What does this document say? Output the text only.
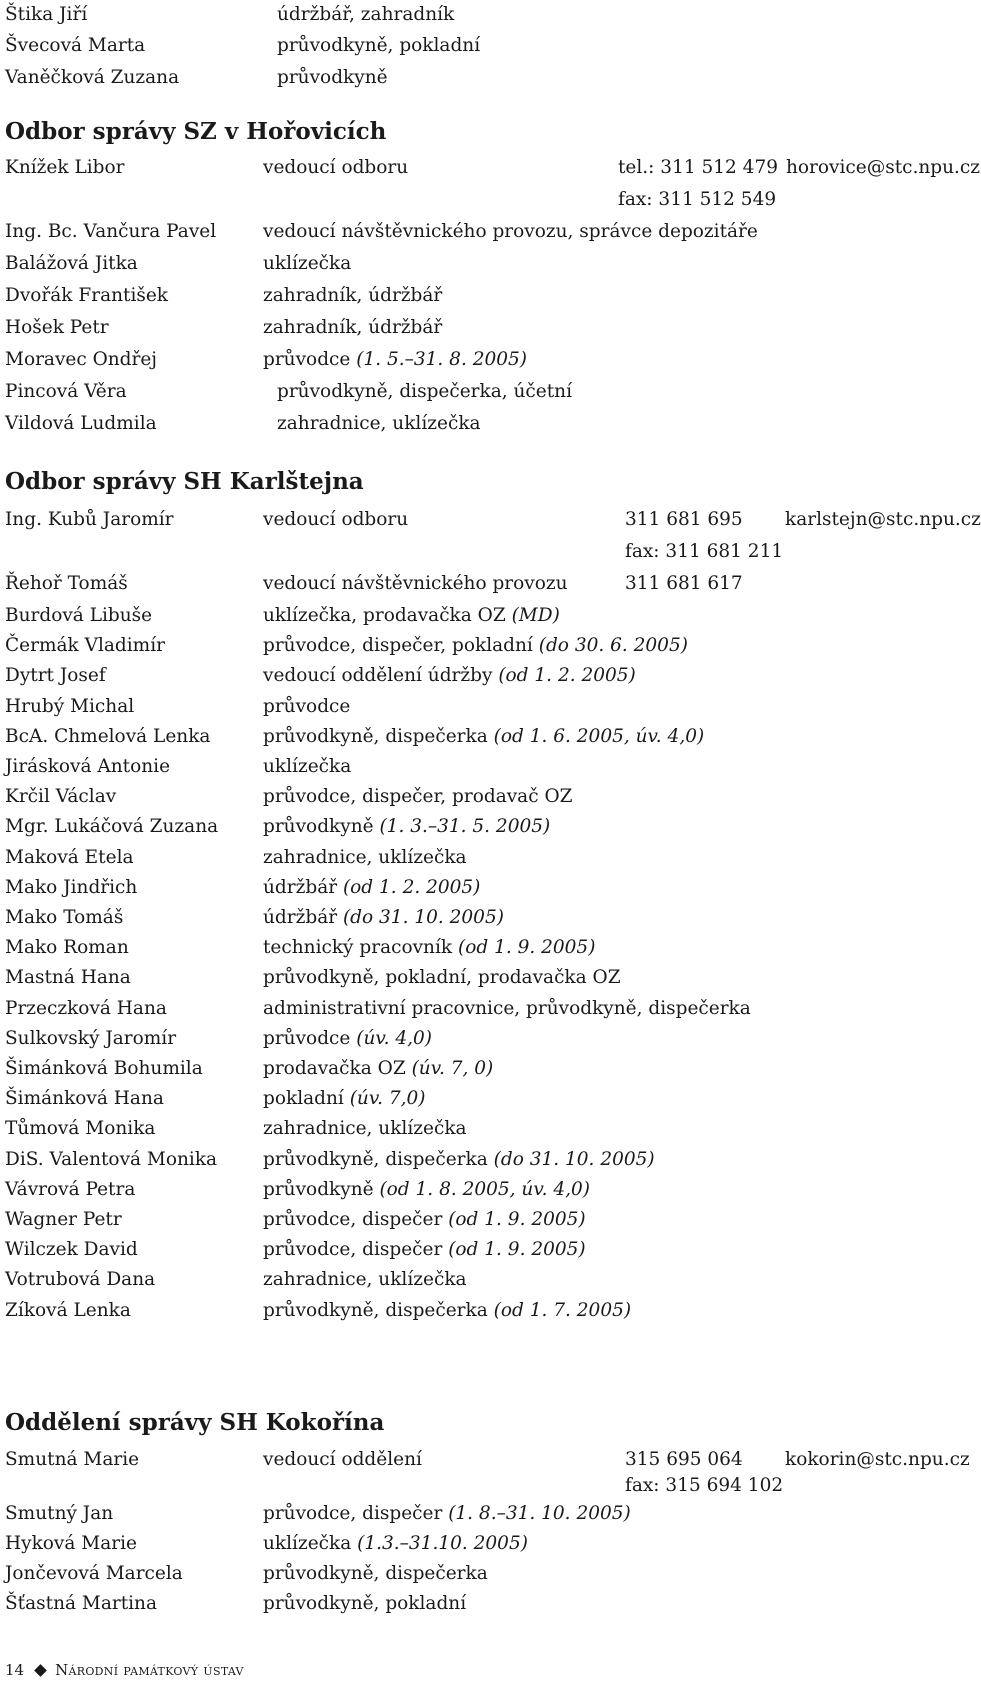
Štika Jiří	údržbář, zahradník
Švecová Marta	průvodkyně, pokladní
Vaněčková Zuzana	průvodkyně
Odbor správy SZ v Hořovicích
Knížek Libor	vedoucí odboru	tel.: 311 512 479 horovice@stc.npu.cz
fax: 311 512 549
Ing. Bc. Vančura Pavel	vedoucí návštěvnického provozu, správce depozitáře
Balážová Jitka	uklízečka
Dvořák František	zahradník, údržbář
Hošek Petr	zahradník, údržbář
Moravec Ondřej	průvodce (1. 5.–31. 8. 2005)
Pincová Věra	průvodkyně, dispečerka, účetní
Vildová Ludmila	zahradnice, uklízečka
Odbor správy SH Karlštejna
Ing. Kubů Jaromír	vedoucí odboru	311 681 695 karlstejn@stc.npu.cz
fax: 311 681 211
Řehoř Tomáš	vedoucí návštěvnického provozu	311 681 617
Burdová Libuše	uklízečka, prodavačka OZ (MD)
Čermák Vladimír	průvodce, dispečer, pokladní (do 30. 6. 2005)
Dytrt Josef	vedoucí oddělení údržby (od 1. 2. 2005)
Hrubý Michal	průvodce
BcA. Chmelová Lenka	průvodkyně, dispečerka (od 1. 6. 2005, úv. 4,0)
Jirásková Antonie	uklízečka
Krčil Václav	průvodce, dispečer, prodavač OZ
Mgr. Lukáčová Zuzana průvodkyně (1. 3.–31. 5. 2005)
Maková Etela	zahradnice, uklízečka
Mako Jindřich	údržbář (od 1. 2. 2005)
Mako Tomáš	údržbář (do 31. 10. 2005)
Mako Roman	technický pracovník (od 1. 9. 2005)
Mastná Hana	průvodkyně, pokladní, prodavačka OZ
Przeczková Hana	administrativní pracovnice, průvodkyně, dispečerka
Sulkovský Jaromír	průvodce (úv. 4,0)
Šimánková Bohumila	prodavačka OZ (úv. 7, 0)
Šimánková Hana	pokladní (úv. 7,0)
Tůmová Monika	zahradnice, uklízečka
DiS. Valentová Monika průvodkyně, dispečerka (do 31. 10. 2005)
Vávrová Petra	průvodkyně (od 1. 8. 2005, úv. 4,0)
Wagner Petr	průvodce, dispečer (od 1. 9. 2005)
Wilczek David	průvodce, dispečer (od 1. 9. 2005)
Votrubová Dana	zahradnice, uklízečka
Zíková Lenka	průvodkyně, dispečerka (od 1. 7. 2005)
Oddělení správy SH Kokořína
Smutná Marie	vedoucí oddělení	315 695 064 kokorin@stc.npu.cz
fax: 315 694 102
Smutný Jan	průvodce, dispečer (1. 8.–31. 10. 2005)
Hyková Marie	uklízečka (1.3.–31.10. 2005)
Jončevová Marcela	průvodkyně, dispečerka
Šťastná Martina	průvodkyně, pokladní
14 Národní památkový ústav
